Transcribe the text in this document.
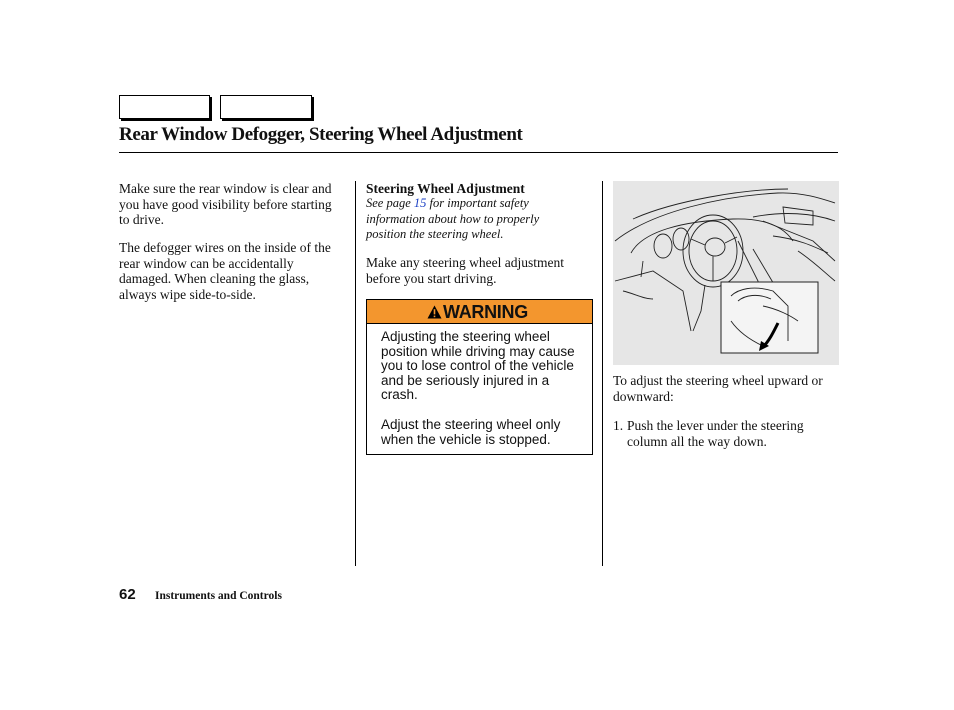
Rear Window Defogger, Steering Wheel Adjustment
Make sure the rear window is clear and you have good visibility before starting to drive.
The defogger wires on the inside of the rear window can be accidentally damaged. When cleaning the glass, always wipe side-to-side.
Steering Wheel Adjustment
See page 15 for important safety information about how to properly position the steering wheel.
Make any steering wheel adjustment before you start driving.
WARNING
Adjusting the steering wheel position while driving may cause you to lose control of the vehicle and be seriously injured in a crash.
Adjust the steering wheel only when the vehicle is stopped.
To adjust the steering wheel upward or downward:
1. Push the lever under the steering column all the way down.
62 Instruments and Controls
